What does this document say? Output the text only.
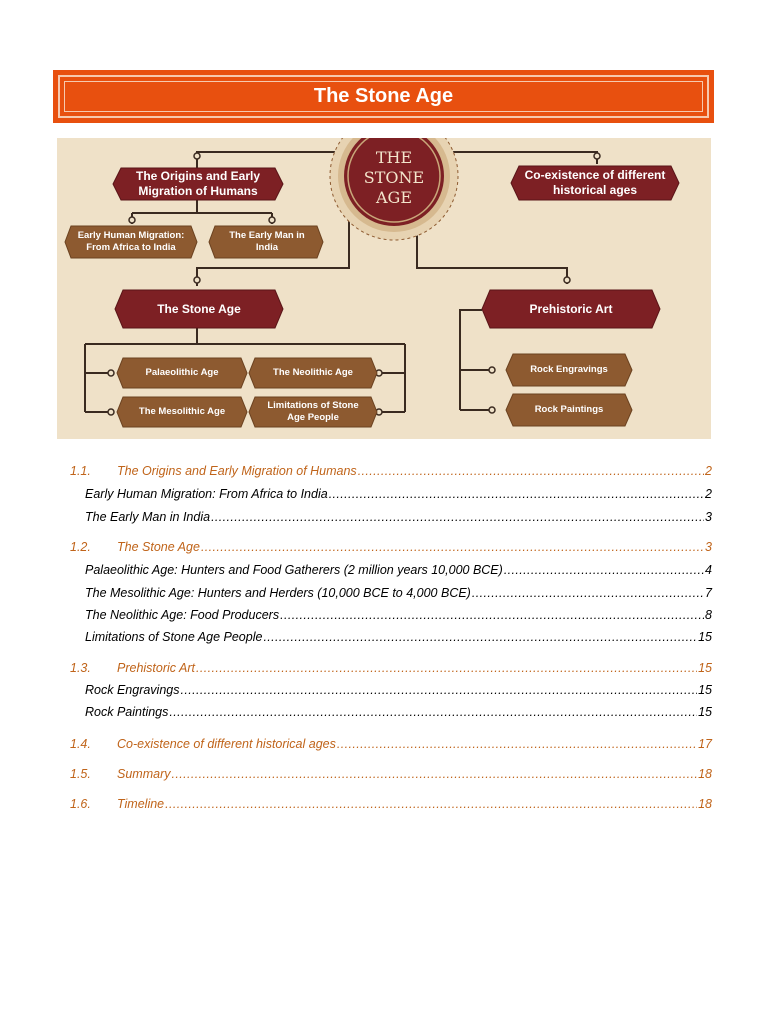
The Stone Age
THE STONE AGE
The Origins and Early Migration of Humans
Co-existence of different historical ages
Early Human Migration: From Africa to India
The Early Man in India
The Stone Age	Prehistoric Art
Palaeolithic Age	The Neolithic Age
The Mesolithic Age
Limitations of Stone Age People
Rock Engravings
Rock Paintings
1.1.	The Origins and Early Migration of Humans .....	2
Early Human Migration: From Africa to India .....	2
The Early Man in India .....	3
1.2.	The Stone Age .....	3
Palaeolithic Age: Hunters and Food Gatherers (2 million years 10,000 BCE) .....	4
The Mesolithic Age: Hunters and Herders (10,000 BCE to 4,000 BCE) .....	7
The Neolithic Age: Food Producers .....	8
Limitations of Stone Age People .....	15
1.3.	Prehistoric Art .....	15
Rock Engravings .....	15
Rock Paintings .....	15
1.4.	Co-existence of different historical ages .....	17
1.5.	Summary .....	18
1.6.	Timeline .....	18
